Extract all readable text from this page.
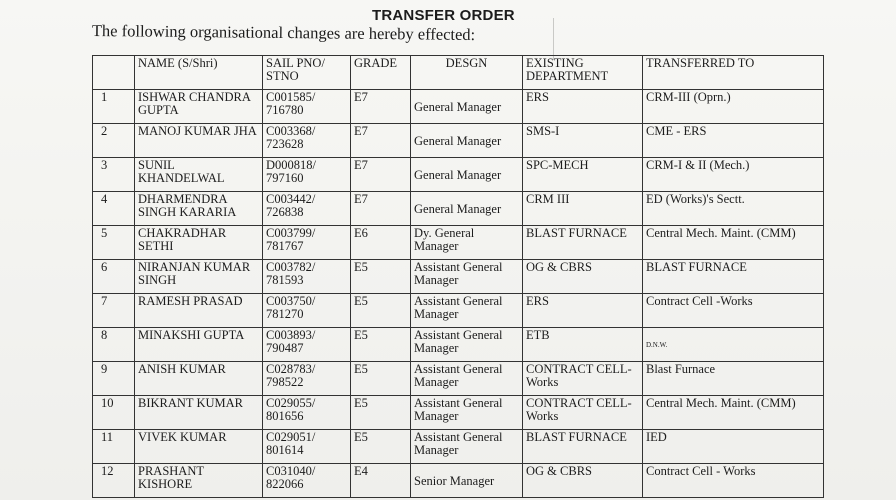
TRANSFER ORDER
The following organisational changes are hereby effected:
	NAME (S/Shri)	SAIL PNO/ STNO	GRADE	DESGN	EXISTING DEPARTMENT	TRANSFERRED TO
1	ISHWAR CHANDRA GUPTA	C001585/ 716780	E7	General Manager	ERS	CRM-III (Oprn.)
2	MANOJ KUMAR JHA	C003368/ 723628	E7	General Manager	SMS-I	CME - ERS
3	SUNIL KHANDELWAL	D000818/ 797160	E7	General Manager	SPC-MECH	CRM-I & II (Mech.)
4	DHARMENDRA SINGH KARARIA	C003442/ 726838	E7	General Manager	CRM III	ED (Works)'s Sectt.
5	CHAKRADHAR SETHI	C003799/ 781767	E6	Dy. General Manager	BLAST FURNACE	Central Mech. Maint. (CMM)
6	NIRANJAN KUMAR SINGH	C003782/ 781593	E5	Assistant General Manager	OG & CBRS	BLAST FURNACE
7	RAMESH PRASAD	C003750/ 781270	E5	Assistant General Manager	ERS	Contract Cell -Works
8	MINAKSHI GUPTA	C003893/ 790487	E5	Assistant General Manager	ETB	D.N.W.
9	ANISH KUMAR	C028783/ 798522	E5	Assistant General Manager	CONTRACT CELL- Works	Blast Furnace
10	BIKRANT KUMAR	C029055/ 801656	E5	Assistant General Manager	CONTRACT CELL- Works	Central Mech. Maint. (CMM)
11	VIVEK KUMAR	C029051/ 801614	E5	Assistant General Manager	BLAST FURNACE	IED
12	PRASHANT KISHORE	C031040/ 822066	E4	Senior Manager	OG & CBRS	Contract Cell - Works
